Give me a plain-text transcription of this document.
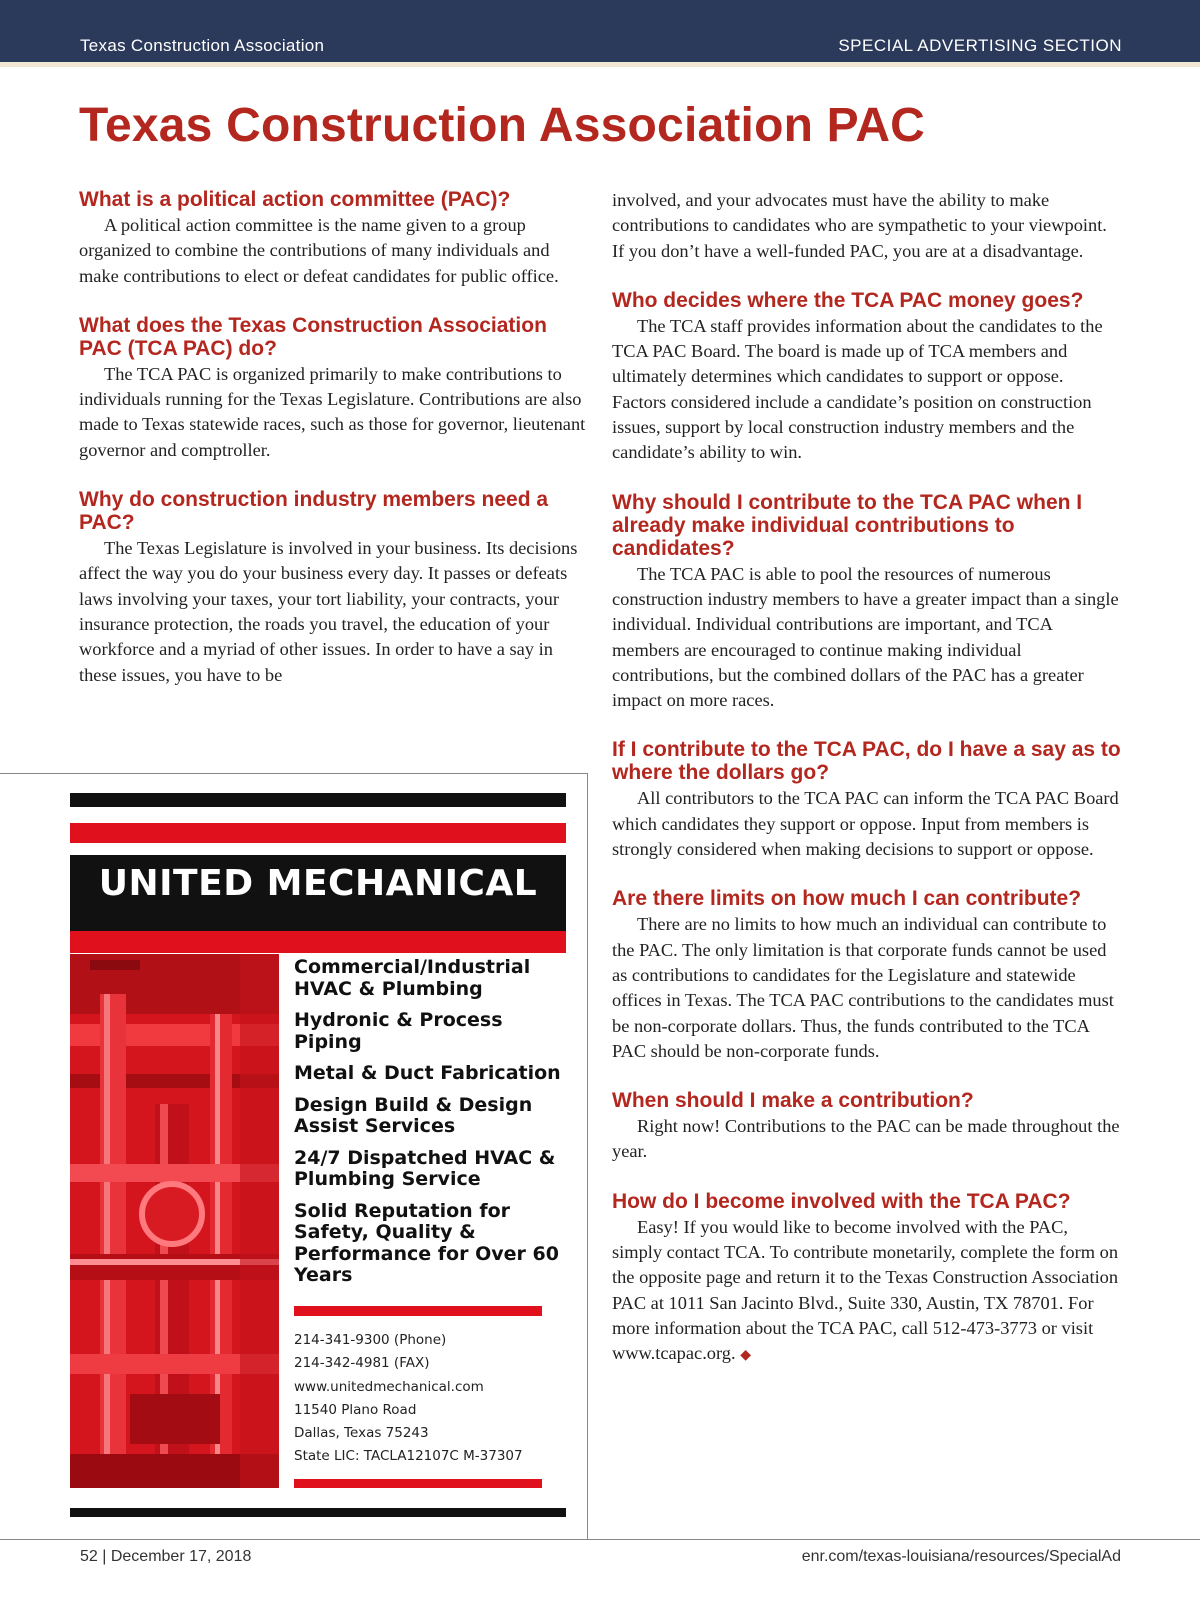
Texas Construction Association	SPECIAL ADVERTISING SECTION
Texas Construction Association PAC

What is a political action committee (PAC)?

A political action committee is the name given to a group organized to combine the contributions of many individuals and make contributions to elect or defeat candidates for public office.

What does the Texas Construction Association PAC (TCA PAC) do?

The TCA PAC is organized primarily to make contributions to individuals running for the Texas Legislature. Contributions are also made to Texas statewide races, such as those for governor, lieutenant governor and comptroller.

Why do construction industry members need a PAC?

The Texas Legislature is involved in your business. Its decisions affect the way you do your business every day. It passes or defeats laws involving your taxes, your tort liability, your contracts, your insurance protection, the roads you travel, the education of your workforce and a myriad of other issues. In order to have a say in these issues, you have to be

involved, and your advocates must have the ability to make contributions to candidates who are sympathetic to your viewpoint. If you don’t have a well-funded PAC, you are at a disadvantage.

Who decides where the TCA PAC money goes?

The TCA staff provides information about the candidates to the TCA PAC Board. The board is made up of TCA members and ultimately determines which candidates to support or oppose. Factors considered include a candidate’s position on construction issues, support by local construction industry members and the candidate’s ability to win.

Why should I contribute to the TCA PAC when I already make individual contributions to candidates?

The TCA PAC is able to pool the resources of numerous construction industry members to have a greater impact than a single individual. Individual contributions are important, and TCA members are encouraged to continue making individual contributions, but the combined dollars of the PAC has a greater impact on more races.

If I contribute to the TCA PAC, do I have a say as to where the dollars go?

All contributors to the TCA PAC can inform the TCA PAC Board which candidates they support or oppose. Input from members is strongly considered when making decisions to support or oppose.

Are there limits on how much I can contribute?

There are no limits to how much an individual can contribute to the PAC. The only limitation is that corporate funds cannot be used as contributions to candidates for the Legislature and statewide offices in Texas. The TCA PAC contributions to the candidates must be non-corporate dollars. Thus, the funds contributed to the TCA PAC should be non-corporate funds.

When should I make a contribution?

Right now! Contributions to the PAC can be made throughout the year.

How do I become involved with the TCA PAC?

Easy! If you would like to become involved with the PAC, simply contact TCA. To contribute monetarily, complete the form on the opposite page and return it to the Texas Construction Association PAC at 1011 San Jacinto Blvd., Suite 330, Austin, TX 78701. For more information about the TCA PAC, call 512-473-3773 or visit www.tcapac.org. ◆

UNITED MECHANICAL
Commercial/Industrial HVAC & Plumbing
Hydronic & Process Piping
Metal & Duct Fabrication
Design Build & Design Assist Services
24/7 Dispatched HVAC & Plumbing Service
Solid Reputation for Safety, Quality & Performance for Over 60 Years
214-341-9300 (Phone)
214-342-4981 (FAX)
www.unitedmechanical.com
11540 Plano Road
Dallas, Texas 75243
State LIC: TACLA12107C M-37307
52 | December 17, 2018	enr.com/texas-louisiana/resources/SpecialAd
